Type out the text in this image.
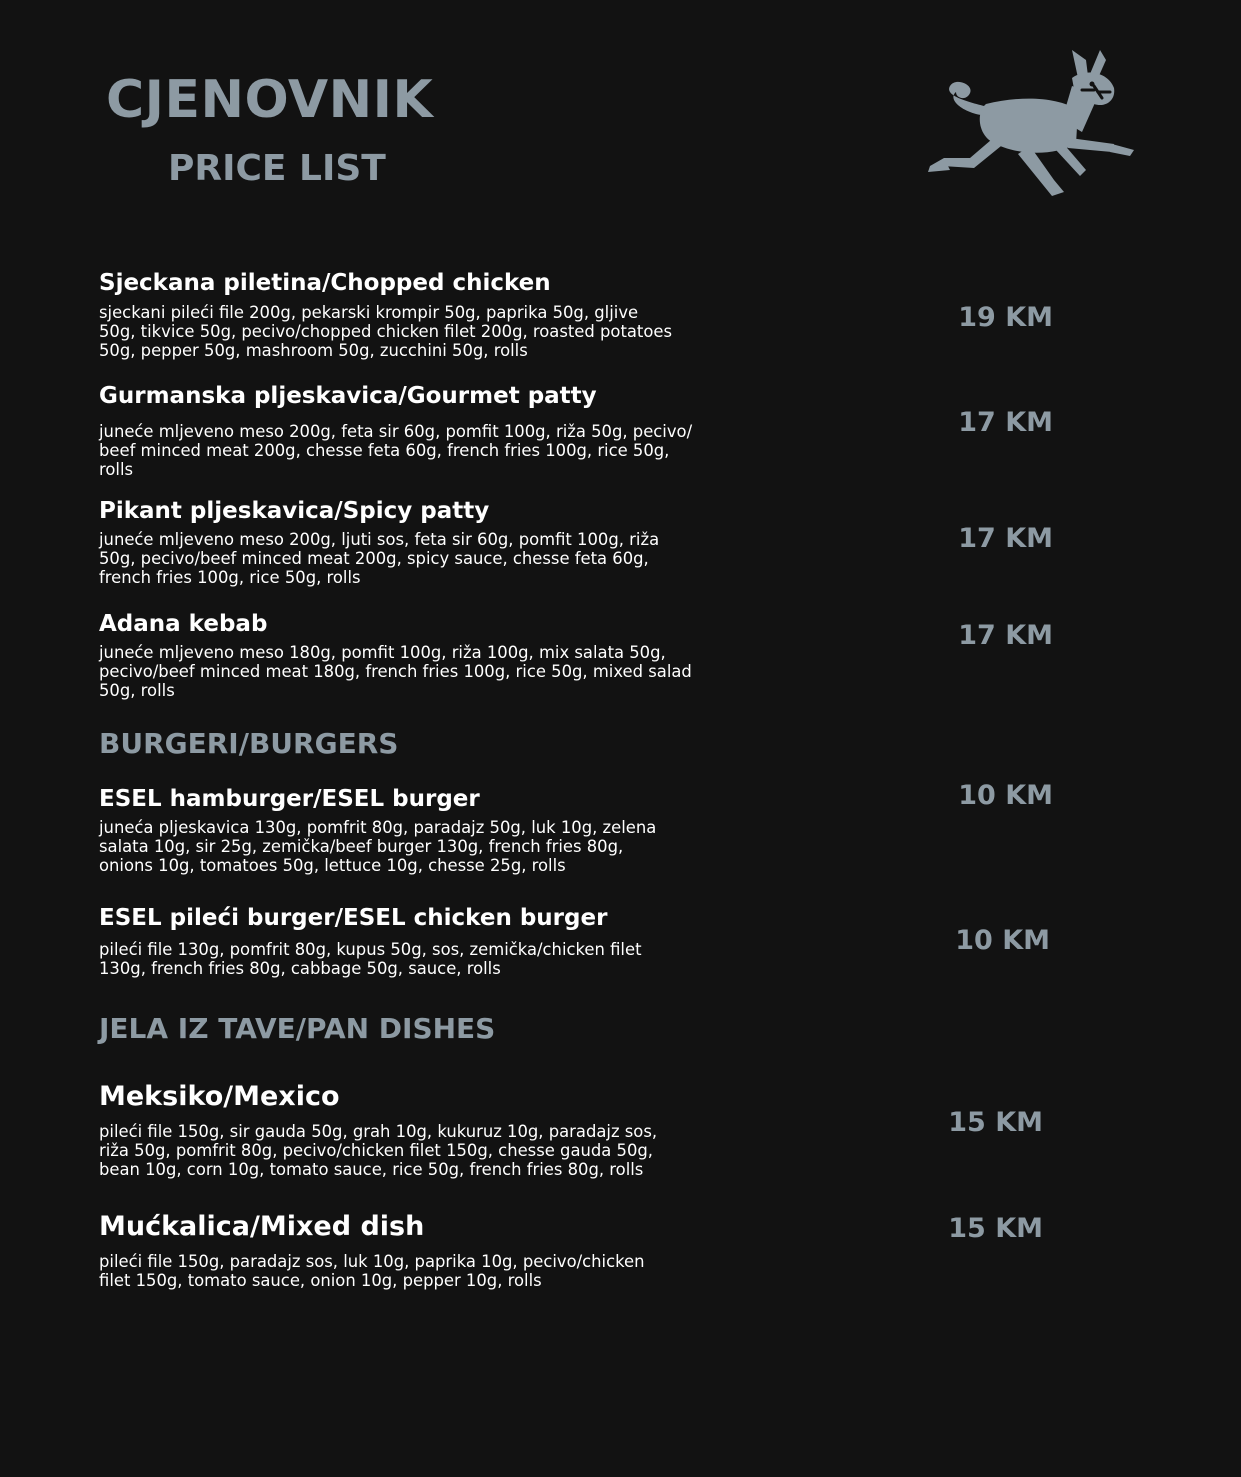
CJENOVNIK
PRICE LIST

Sjeckana piletina/Chopped chicken

sjeckani pileći file 200g, pekarski krompir 50g, paprika 50g, gljive
50g, tikvice 50g, pecivo/chopped chicken filet 200g, roasted potatoes
50g, pepper 50g, mashroom 50g, zucchini 50g, rolls

19 KM

Gurmanska pljeskavica/Gourmet patty

juneće mljeveno meso 200g, feta sir 60g, pomfit 100g, riža 50g, pecivo/
beef minced meat 200g, chesse feta 60g, french fries 100g, rice 50g,
rolls

17 KM

Pikant pljeskavica/Spicy patty

juneće mljeveno meso 200g, ljuti sos, feta sir 60g, pomfit 100g, riža
50g, pecivo/beef minced meat 200g, spicy sauce, chesse feta 60g,
french fries 100g, rice 50g, rolls

17 KM

Adana kebab

juneće mljeveno meso 180g, pomfit 100g, riža 100g, mix salata 50g,
pecivo/beef minced meat 180g, french fries 100g, rice 50g, mixed salad
50g, rolls

17 KM
BURGERI/BURGERS

ESEL hamburger/ESEL burger

juneća pljeskavica 130g, pomfrit 80g, paradajz 50g, luk 10g, zelena
salata 10g, sir 25g, zemička/beef burger 130g, french fries 80g,
onions 10g, tomatoes 50g, lettuce 10g, chesse 25g, rolls

10 KM

ESEL pileći burger/ESEL chicken burger

pileći file 130g, pomfrit 80g, kupus 50g, sos, zemička/chicken filet
130g, french fries 80g, cabbage 50g, sauce, rolls

10 KM
JELA IZ TAVE/PAN DISHES

Meksiko/Mexico

pileći file 150g, sir gauda 50g, grah 10g, kukuruz 10g, paradajz sos,
riža 50g, pomfrit 80g, pecivo/chicken filet 150g, chesse gauda 50g,
bean 10g, corn 10g, tomato sauce, rice 50g, french fries 80g, rolls

15 KM

Mućkalica/Mixed dish

pileći file 150g, paradajz sos, luk 10g, paprika 10g, pecivo/chicken
filet 150g, tomato sauce, onion 10g, pepper 10g, rolls

15 KM
